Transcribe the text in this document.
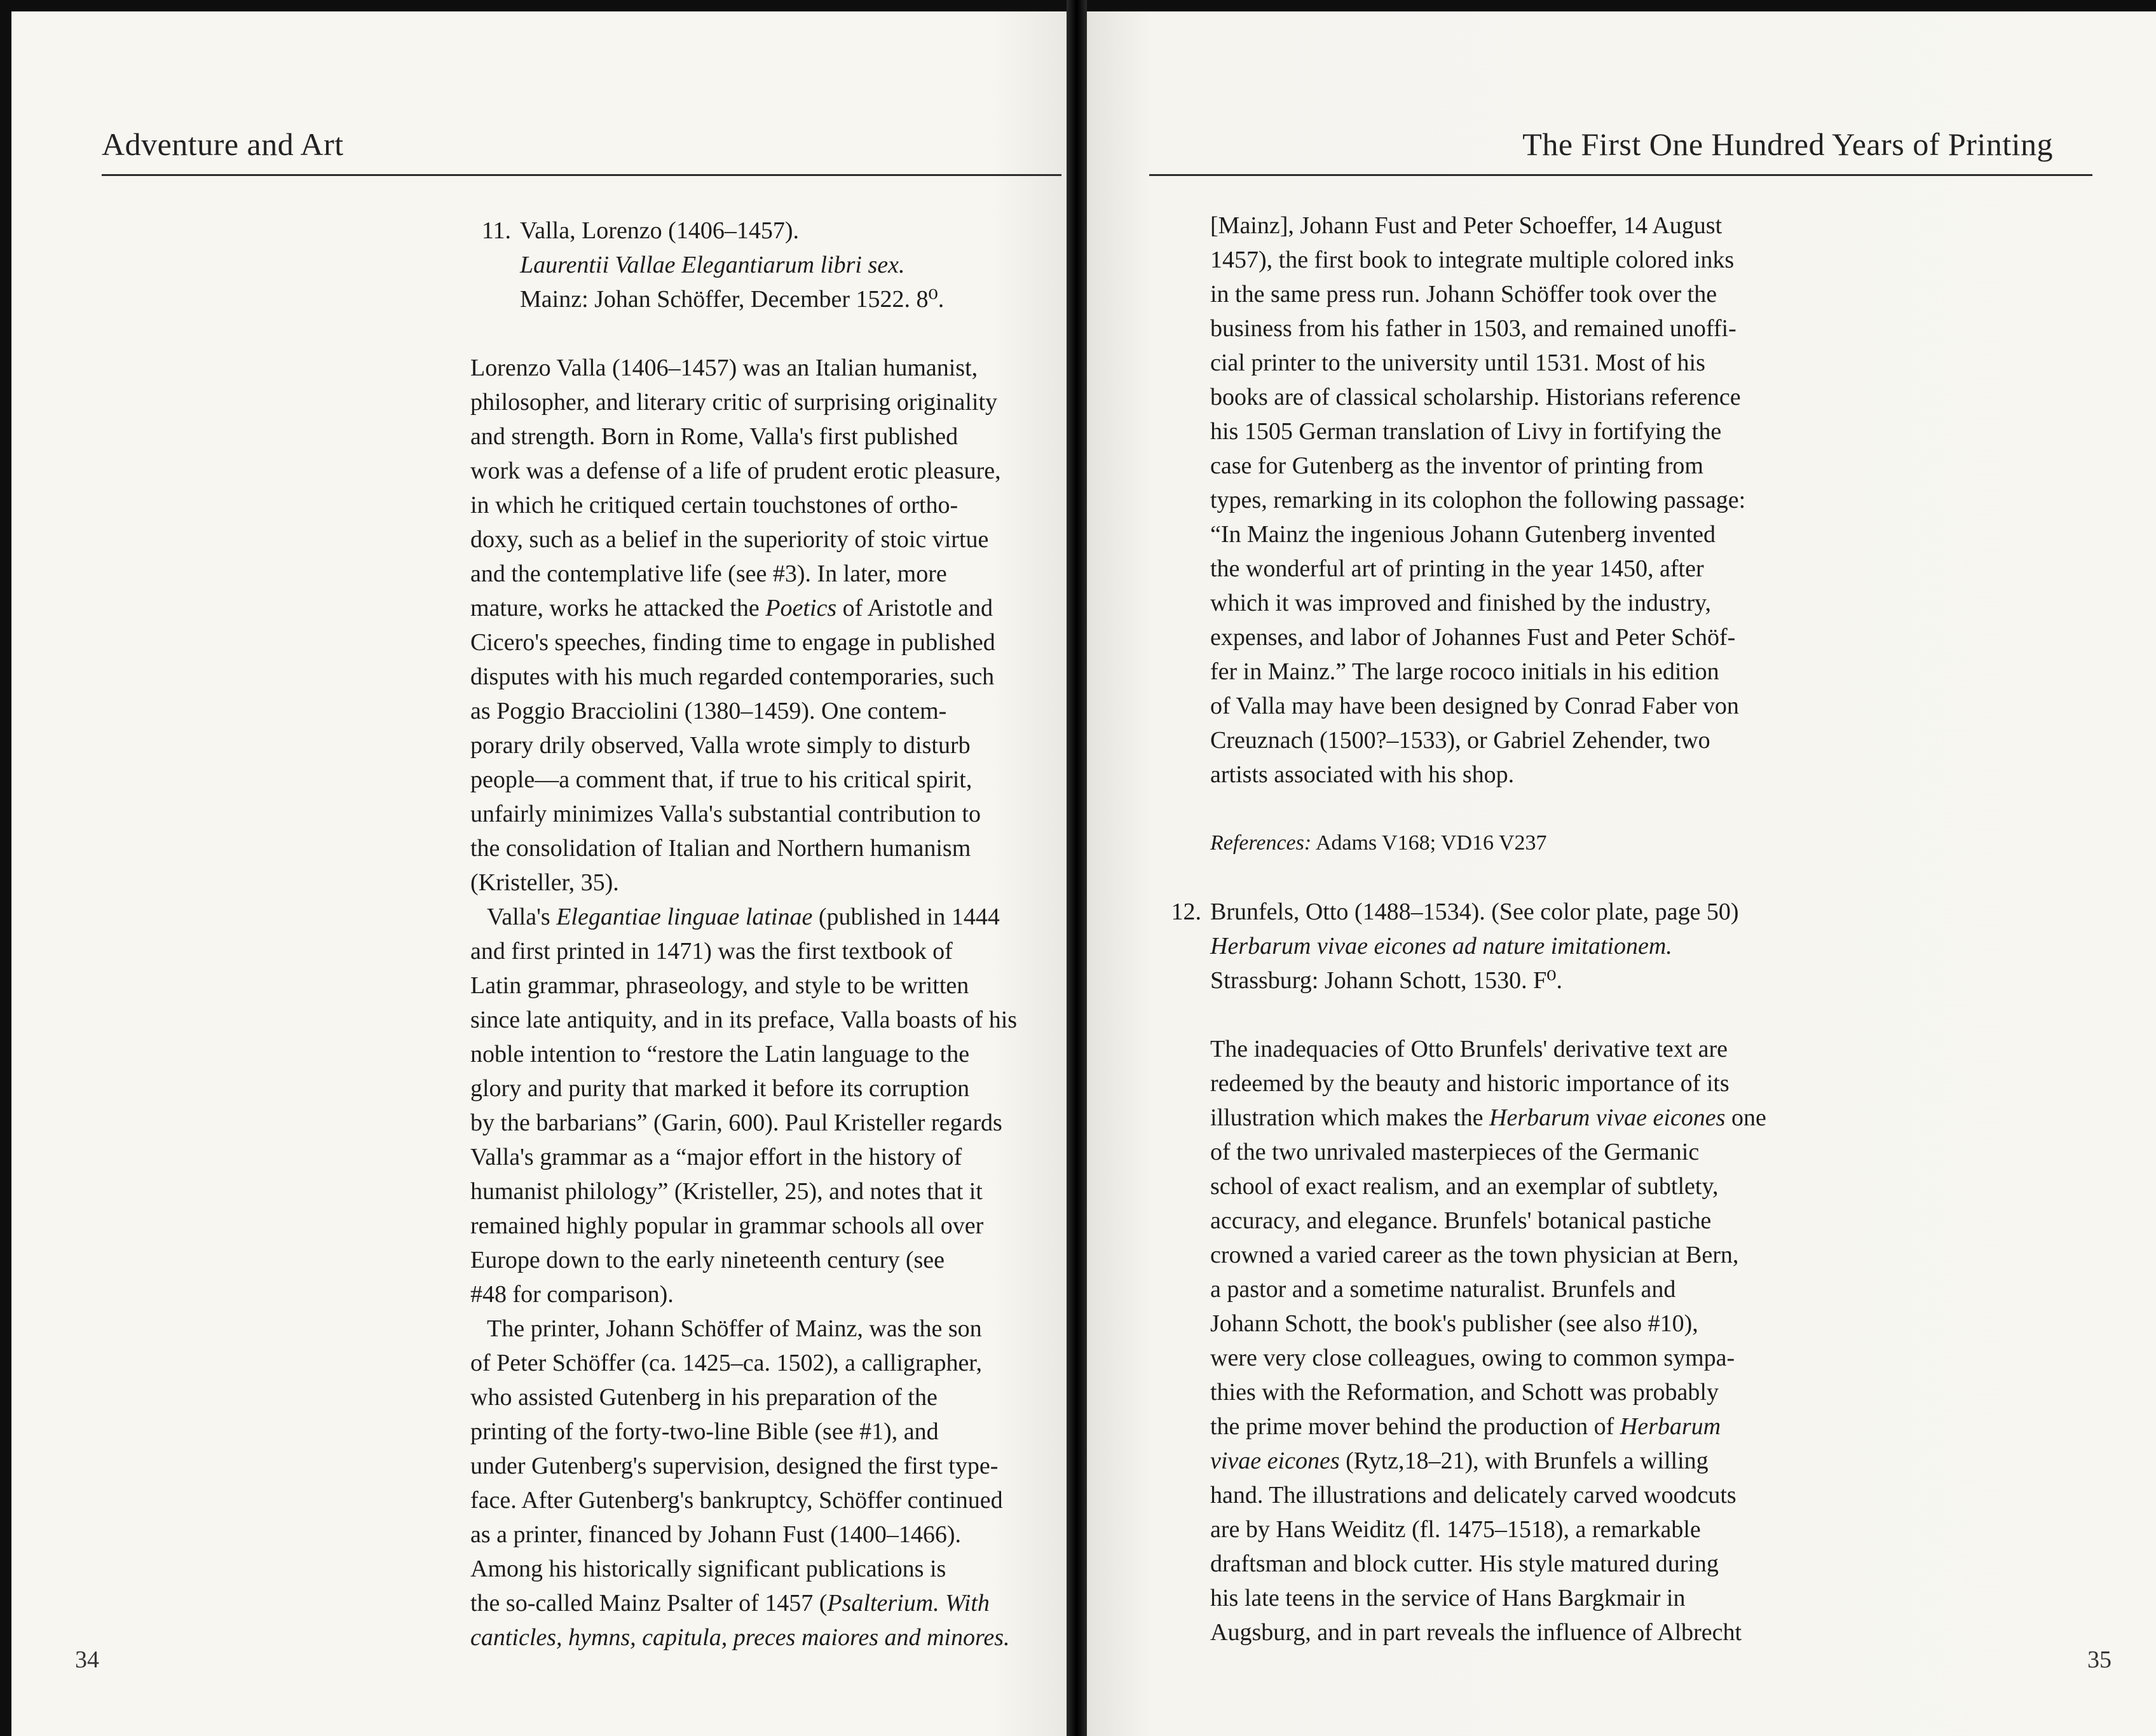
Adventure and Art
11. Valla, Lorenzo (1406–1457).
Laurentii Vallae Elegantiarum libri sex.
Mainz: Johan Schöffer, December 1522. 8⁰.
Lorenzo Valla (1406–1457) was an Italian humanist,
philosopher, and literary critic of surprising originality
and strength. Born in Rome, Valla's first published
work was a defense of a life of prudent erotic pleasure,
in which he critiqued certain touchstones of ortho-
doxy, such as a belief in the superiority of stoic virtue
and the contemplative life (see #3). In later, more
mature, works he attacked the Poetics of Aristotle and
Cicero's speeches, finding time to engage in published
disputes with his much regarded contemporaries, such
as Poggio Bracciolini (1380–1459). One contem-
porary drily observed, Valla wrote simply to disturb
people—a comment that, if true to his critical spirit,
unfairly minimizes Valla's substantial contribution to
the consolidation of Italian and Northern humanism
(Kristeller, 35).
Valla's Elegantiae linguae latinae (published in 1444
and first printed in 1471) was the first textbook of
Latin grammar, phraseology, and style to be written
since late antiquity, and in its preface, Valla boasts of his
noble intention to “restore the Latin language to the
glory and purity that marked it before its corruption
by the barbarians” (Garin, 600). Paul Kristeller regards
Valla's grammar as a “major effort in the history of
humanist philology” (Kristeller, 25), and notes that it
remained highly popular in grammar schools all over
Europe down to the early nineteenth century (see
#48 for comparison).
The printer, Johann Schöffer of Mainz, was the son
of Peter Schöffer (ca. 1425–ca. 1502), a calligrapher,
who assisted Gutenberg in his preparation of the
printing of the forty-two-line Bible (see #1), and
under Gutenberg's supervision, designed the first type-
face. After Gutenberg's bankruptcy, Schöffer continued
as a printer, financed by Johann Fust (1400–1466).
Among his historically significant publications is
the so-called Mainz Psalter of 1457 (Psalterium. With
canticles, hymns, capitula, preces maiores and minores.
34
The First One Hundred Years of Printing
[Mainz], Johann Fust and Peter Schoeffer, 14 August
1457), the first book to integrate multiple colored inks
in the same press run. Johann Schöffer took over the
business from his father in 1503, and remained unoffi-
cial printer to the university until 1531. Most of his
books are of classical scholarship. Historians reference
his 1505 German translation of Livy in fortifying the
case for Gutenberg as the inventor of printing from
types, remarking in its colophon the following passage:
“In Mainz the ingenious Johann Gutenberg invented
the wonderful art of printing in the year 1450, after
which it was improved and finished by the industry,
expenses, and labor of Johannes Fust and Peter Schöf-
fer in Mainz.” The large rococo initials in his edition
of Valla may have been designed by Conrad Faber von
Creuznach (1500?–1533), or Gabriel Zehender, two
artists associated with his shop.
References: Adams V168; VD16 V237
12. Brunfels, Otto (1488–1534). (See color plate, page 50)
Herbarum vivae eicones ad nature imitationem.
Strassburg: Johann Schott, 1530. F⁰.
The inadequacies of Otto Brunfels' derivative text are
redeemed by the beauty and historic importance of its
illustration which makes the Herbarum vivae eicones one
of the two unrivaled masterpieces of the Germanic
school of exact realism, and an exemplar of subtlety,
accuracy, and elegance. Brunfels' botanical pastiche
crowned a varied career as the town physician at Bern,
a pastor and a sometime naturalist. Brunfels and
Johann Schott, the book's publisher (see also #10),
were very close colleagues, owing to common sympa-
thies with the Reformation, and Schott was probably
the prime mover behind the production of Herbarum
vivae eicones (Rytz,18–21), with Brunfels a willing
hand. The illustrations and delicately carved woodcuts
are by Hans Weiditz (fl. 1475–1518), a remarkable
draftsman and block cutter. His style matured during
his late teens in the service of Hans Bargkmair in
Augsburg, and in part reveals the influence of Albrecht
35
